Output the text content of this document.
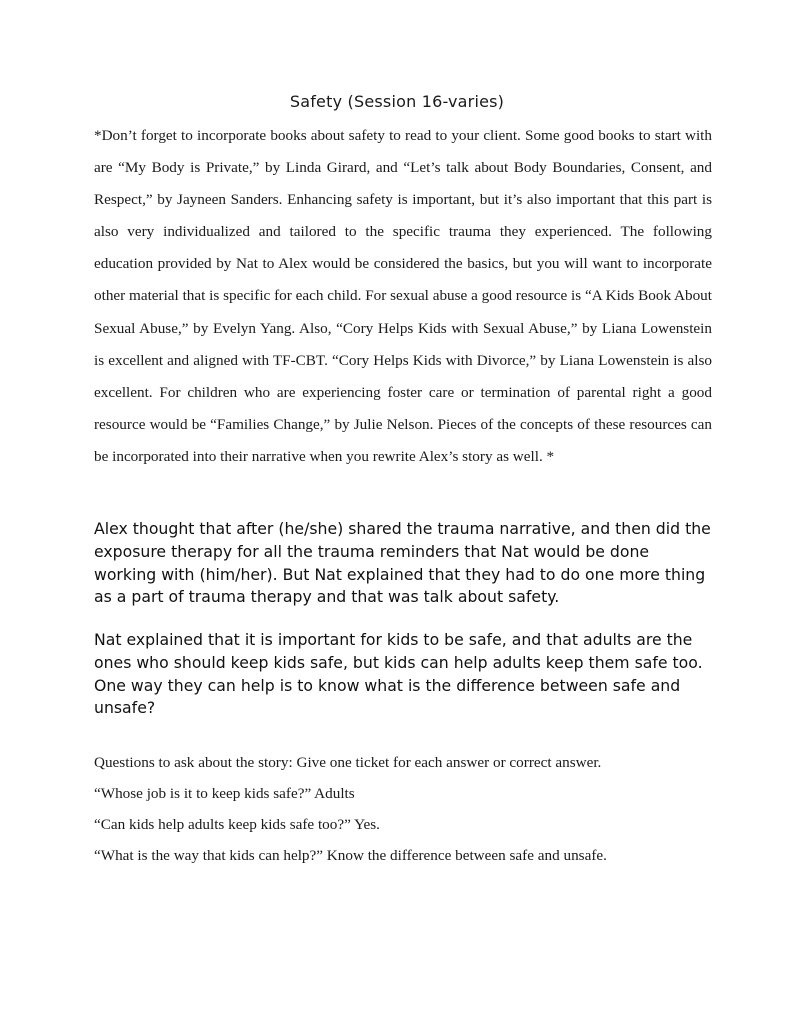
Safety (Session 16-varies)

*Don’t forget to incorporate books about safety to read to your client. Some good books to start with are “My Body is Private,” by Linda Girard, and “Let’s talk about Body Boundaries, Consent, and Respect,” by Jayneen Sanders. Enhancing safety is important, but it’s also important that this part is also very individualized and tailored to the specific trauma they experienced. The following education provided by Nat to Alex would be considered the basics, but you will want to incorporate other material that is specific for each child. For sexual abuse a good resource is “A Kids Book About Sexual Abuse,” by Evelyn Yang. Also, “Cory Helps Kids with Sexual Abuse,” by Liana Lowenstein is excellent and aligned with TF-CBT. “Cory Helps Kids with Divorce,” by Liana Lowenstein is also excellent. For children who are experiencing foster care or termination of parental right a good resource would be “Families Change,” by Julie Nelson. Pieces of the concepts of these resources can be incorporated into their narrative when you rewrite Alex’s story as well. *

Alex thought that after (he/she) shared the trauma narrative, and then did the exposure therapy for all the trauma reminders that Nat would be done working with (him/her). But Nat explained that they had to do one more thing as a part of trauma therapy and that was talk about safety.

Nat explained that it is important for kids to be safe, and that adults are the ones who should keep kids safe, but kids can help adults keep them safe too. One way they can help is to know what is the difference between safe and unsafe?

Questions to ask about the story: Give one ticket for each answer or correct answer.

“Whose job is it to keep kids safe?” Adults

“Can kids help adults keep kids safe too?” Yes.

“What is the way that kids can help?” Know the difference between safe and unsafe.
